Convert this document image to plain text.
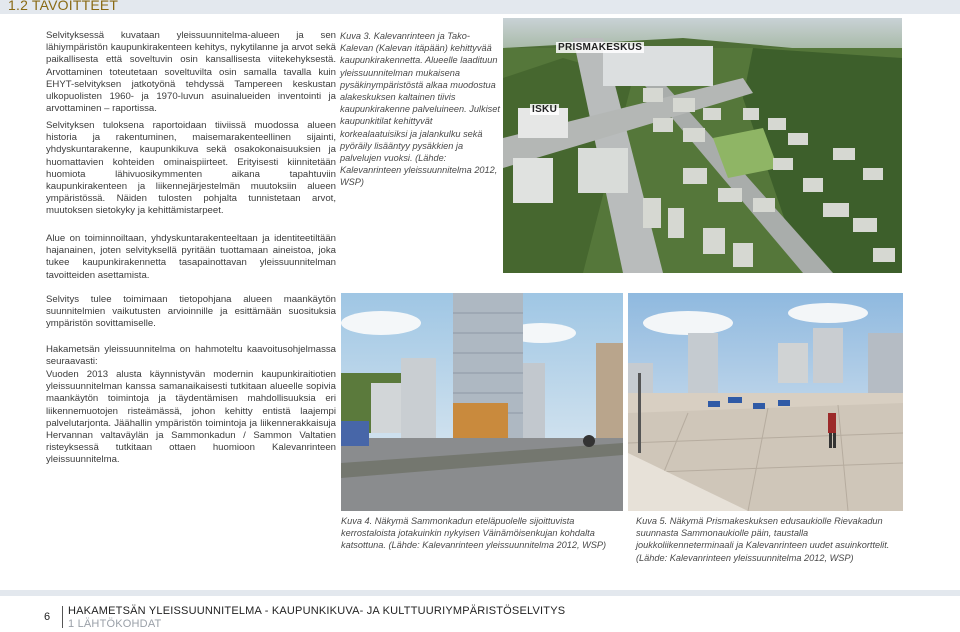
1.2 TAVOITTEET

Selvityksessä kuvataan yleissuunnitelma-alueen ja sen lähiympäristön kaupunkirakenteen kehitys, nykytilanne ja arvot sekä paikallisesta että soveltuvin osin kansallisesta viitekehyksestä. Arvottaminen toteutetaan soveltuvilta osin samalla tavalla kuin EHYT-selvityksen jatkotyönä tehdyssä Tampereen keskustan ulkopuolisten 1960- ja 1970-luvun asuinalueiden inventointi ja arvottaminen – raportissa.

Selvityksen tuloksena raportoidaan tiiviissä muodossa alueen historia ja rakentuminen, maisemarakenteellinen sijainti, yhdyskuntarakenne, kaupunkikuva sekä osakokonaisuuksien ja huomattavien kohteiden ominaispiirteet. Erityisesti kiinnitetään huomiota lähivuosikymmenten aikana tapahtuviin kaupunkirakenteen ja liikennejärjestelmän muutoksiin alueen ympäristössä. Näiden tulosten pohjalta tunnistetaan arvot, muutoksen sietokyky ja kehittämistarpeet.

Alue on toiminnoiltaan, yhdyskuntarakenteeltaan ja identiteetiltään hajanainen, joten selvityksellä pyritään tuottamaan aineistoa, joka tukee kaupunkirakennetta tasapainottavan yleissuunnitelman tavoitteiden asettamista.

Selvitys tulee toimimaan tietopohjana alueen maankäytön suunnitelmien vaikutusten arvioinnille ja esittämään suosituksia ympäristön sovittamiselle.

Hakametsän yleissuunnitelma on hahmoteltu kaavoitusohjelmassa seuraavasti:

Vuoden 2013 alusta käynnistyvän modernin kaupunkiraitiotien yleissuunnitelman kanssa samanaikaisesti tutkitaan alueelle sopivia maankäytön toimintoja ja täydentämisen mahdollisuuksia eri liikennemuotojen risteämässä, johon kehitty entistä laajempi palvelutarjonta. Jäähallin ympäristön toimintoja ja liikennerakkaisuja Hervannan valtaväylän ja Sammonkadun / Sammon Valtatien risteyksessä tutkitaan ottaen huomioon Kalevanrinteen yleissuunnitelma.

Kuva 3. Kalevanrinteen ja Tako-Kalevan (Kalevan itäpään) kehittyvää kaupunkirakennetta. Alueelle laadituun yleissuunnitelman mukaisena pysäkinympäristöstä alkaa muodostua alakeskuksen kaltainen tiivis kaupunkirakenne palveluineen. Julkiset kaupunkitilat kehittyvät korkealaatuisiksi ja jalankulku sekä pyöräily lisääntyy pysäkkien ja palvelujen vuoksi. (Lähde: Kalevanrinteen yleissuunnitelma 2012, WSP)

PRISMAKESKUS
ISKU

Kuva 4. Näkymä Sammonkadun eteläpuolelle sijoittuvista kerrostaloista jotakuinkin nykyisen Väinämöisenkujan kohdalta katsottuna. (Lähde: Kalevanrinteen yleissuunnitelma 2012, WSP)

Kuva 5. Näkymä Prismakeskuksen edusaukiolle Rievakadun suunnasta Sammonaukiolle päin, taustalla joukkoliikenneterminaali ja Kalevanrinteen uudet asuinkorttelit. (Lähde: Kalevanrinteen yleissuunnitelma 2012, WSP)

6 HAKAMETSÄN YLEISSUUNNITELMA - KAUPUNKIKUVA- JA KULTTUURIYMPÄRISTÖSELVITYS
1 LÄHTÖKOHDAT
